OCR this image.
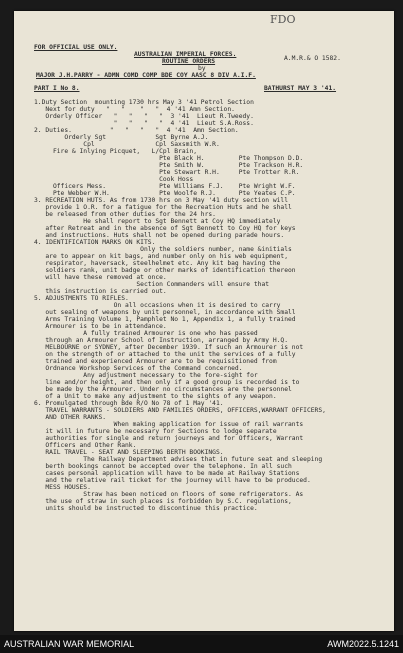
FDO
FOR OFFICIAL USE ONLY.
AUSTRALIAN IMPERIAL FORCES.
A.M.R.& O 1582.
ROUTINE ORDERS
by
MAJOR J.H.PARRY - ADMN COMD COMP BDE COY AASC 8 DIV A.I.F.
PART I No 8.	BATHURST MAY 3 '41.
1.Duty Section  mounting 1730 hrs May 3 '41 Petrol Section
Next for duty   "   "    "   "  4 '41 Amn Section.
Orderly Officer   "   "   "   "  3 '41  Lieut R.Tweedy.
"   "   "   "  4 '41  Lieut S.A.Ross.
2. Duties.          "   "   "   "  4 '41  Amn Section.
Orderly Sgt             Sgt Byrne A.J.
Cpl                Cpl Saxsmith W.R.
Fire & Inlying Picquet,   L/Cpl Brain,
Pte Black H.         Pte Thompson D.D.
Pte Smith W.         Pte Trackson H.R.
Pte Stewart R.H.     Pte Trotter R.R.
Cook Hoss
Officers Mess.              Pte Williams F.J.    Pte Wright W.F.
Pte Webber W.H.             Pte Woolfe R.J.      Pte Yeates C.P.
3. RECREATION HUTS. As from 1730 hrs on 3 May '41 duty section will
provide 1 O.R. for a fatigue for the Recreation Huts and he shall
be released from other duties for the 24 hrs.
He shall report to Sgt Bennett at Coy HQ immediately
after Retreat and in the absence of Sgt Bennett to Coy HQ for keys
and instructions. Huts shall not be opened during parade hours.
4. IDENTIFICATION MARKS ON KITS.
Only the soldiers number, name &initials
are to appear on kit bags, and number only on his web equipment,
respirator, haversack, steelhelmet etc. Any kit bag having the
soldiers rank, unit badge or other marks of identification thereon
will have these removed at once.
Section Commanders will ensure that
this instruction is carried out.
5. ADJUSTMENTS TO RIFLES.
On all occasions when it is desired to carry
out sealing of weapons by unit personnel, in accordance with Small
Arms Training Volume 1, Pamphlet No 1, Appendix 1, a fully trained
Armourer is to be in attendance.
A fully trained Armourer is one who has passed
through an Armourer School of Instruction, arranged by Army H.Q.
MELBOURNE or SYDNEY, after December 1939. If such an Armourer is not
on the strength of or attached to the unit the services of a fully
trained and experienced Armourer are to be requisitioned from
Ordnance Workshop Services of the Command concerned.
Any adjustment necessary to the fore-sight for
line and/or height, and then only if a good group is recorded is to
be made by the Armourer. Under no circumstances are the personnel
of a Unit to make any adjustment to the sights of any weapon.
6. Promulgated through Bde R/O No 78 of 1 May '41.
TRAVEL WARRANTS - SOLDIERS AND FAMILIES ORDERS, OFFICERS,WARRANT OFFICERS,
AND OTHER RANKS.
When making application for issue of rail warrants
it will in future be necessary for Sections to lodge separate
authorities for single and return journeys and for Officers, Warrant
Officers and Other Rank.
RAIL TRAVEL - SEAT AND SLEEPING BERTH BOOKINGS.
The Railway Department advises that in future seat and sleeping
berth bookings cannot be accepted over the telephone. In all such
cases personal application will have to be made at Railway Stations
and the relative rail ticket for the journey will have to be produced.
MESS HOUSES.
Straw has been noticed on floors of some refrigerators. As
the use of straw in such places is forbidden by S.C. regulations,
units should be instructed to discontinue this practice.
AUSTRALIAN WAR MEMORIAL	AWM2022.5.1241
